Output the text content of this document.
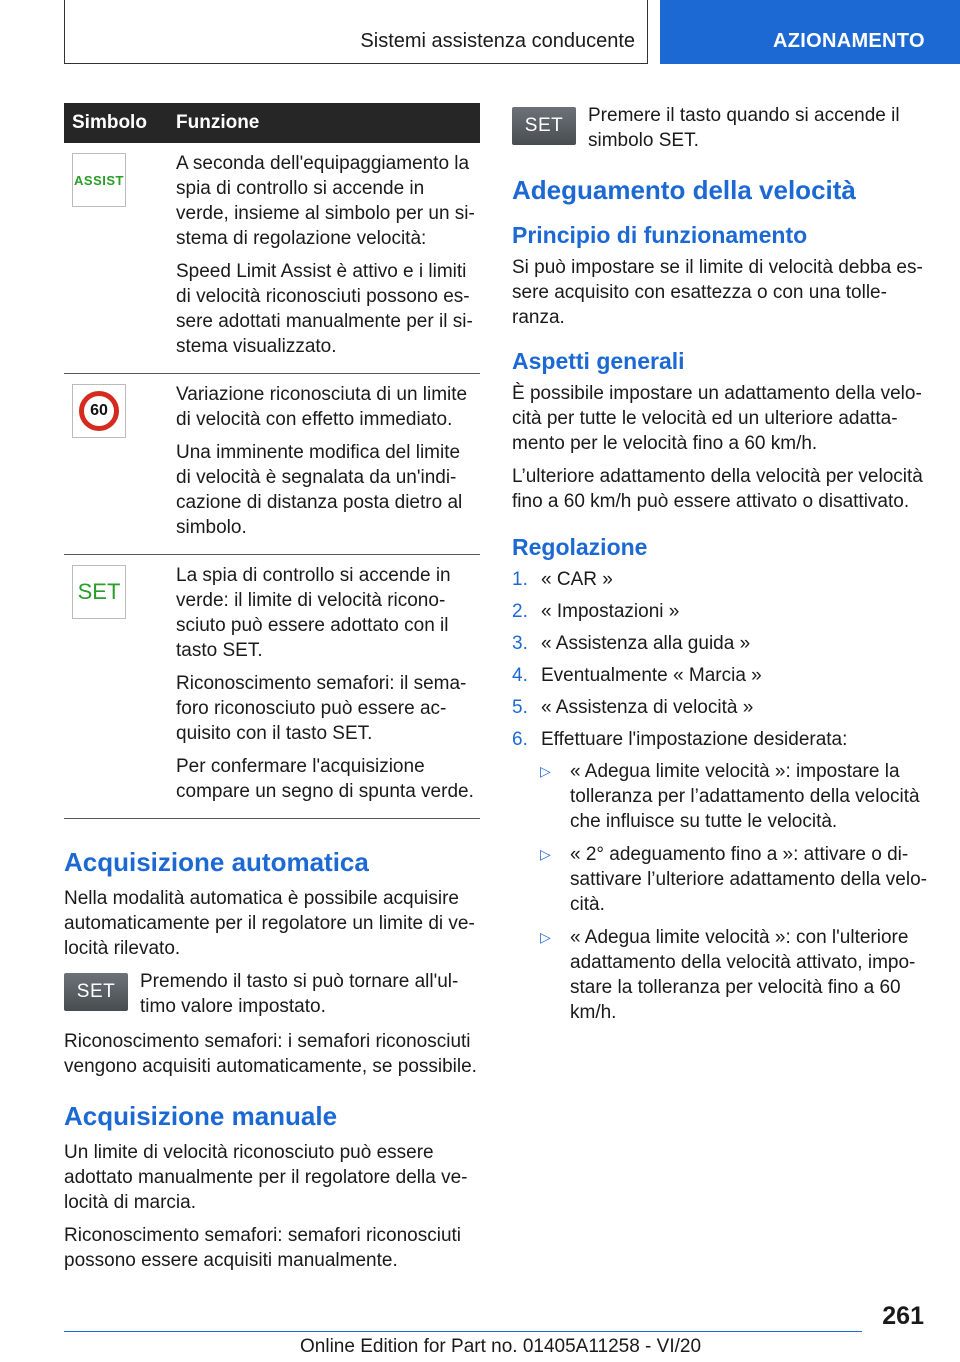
Sistemi assistenza conducente	AZIONAMENTO
Simbolo	Funzione

ASSIST	A seconda dell'equipaggiamento la spia di controllo si accende in verde, insieme al simbolo per un sistema di regolazione velocità:

Speed Limit Assist è attivo e i limiti di velocità riconosciuti possono essere adottati manualmente per il sistema visualizzato.

60	Variazione riconosciuta di un limite di velocità con effetto immediato.

Una imminente modifica del limite di velocità è segnalata da un'indicazione di distanza posta dietro al simbolo.

SET	La spia di controllo si accende in verde: il limite di velocità riconosciuto può essere adottato con il tasto SET.

Riconoscimento semafori: il semaforo riconosciuto può essere acquisito con il tasto SET.

Per confermare l'acquisizione compare un segno di spunta verde.

Acquisizione automatica

Nella modalità automatica è possibile acquisire automaticamente per il regolatore un limite di velocità rilevato.

SET	Premendo il tasto si può tornare all'ultimo valore impostato.

Riconoscimento semafori: i semafori riconosciuti vengono acquisiti automaticamente, se possibile.

Acquisizione manuale

Un limite di velocità riconosciuto può essere adottato manualmente per il regolatore della velocità di marcia.

Riconoscimento semafori: semafori riconosciuti possono essere acquisiti manualmente.

SET	Premere il tasto quando si accende il simbolo SET.

Adeguamento della velocità
Principio di funzionamento

Si può impostare se il limite di velocità debba essere acquisito con esattezza o con una tolleranza.

Aspetti generali

È possibile impostare un adattamento della velocità per tutte le velocità ed un ulteriore adattamento per le velocità fino a 60 km/h.

L’ulteriore adattamento della velocità per velocità fino a 60 km/h può essere attivato o disattivato.

Regolazione
1. « CAR »
2. « Impostazioni »
3. « Assistenza alla guida »
4. Eventualmente « Marcia »
5. « Assistenza di velocità »
6. Effettuare l'impostazione desiderata:
▷	« Adegua limite velocità »: impostare la tolleranza per l’adattamento della velocità che influisce su tutte le velocità.
▷	« 2° adeguamento fino a »: attivare o disattivare l’ulteriore adattamento della velocità.
▷	« Adegua limite velocità »: con l'ulteriore adattamento della velocità attivato, impostare la tolleranza per velocità fino a 60 km/h.
261
Online Edition for Part no. 01405A11258 - VI/20
